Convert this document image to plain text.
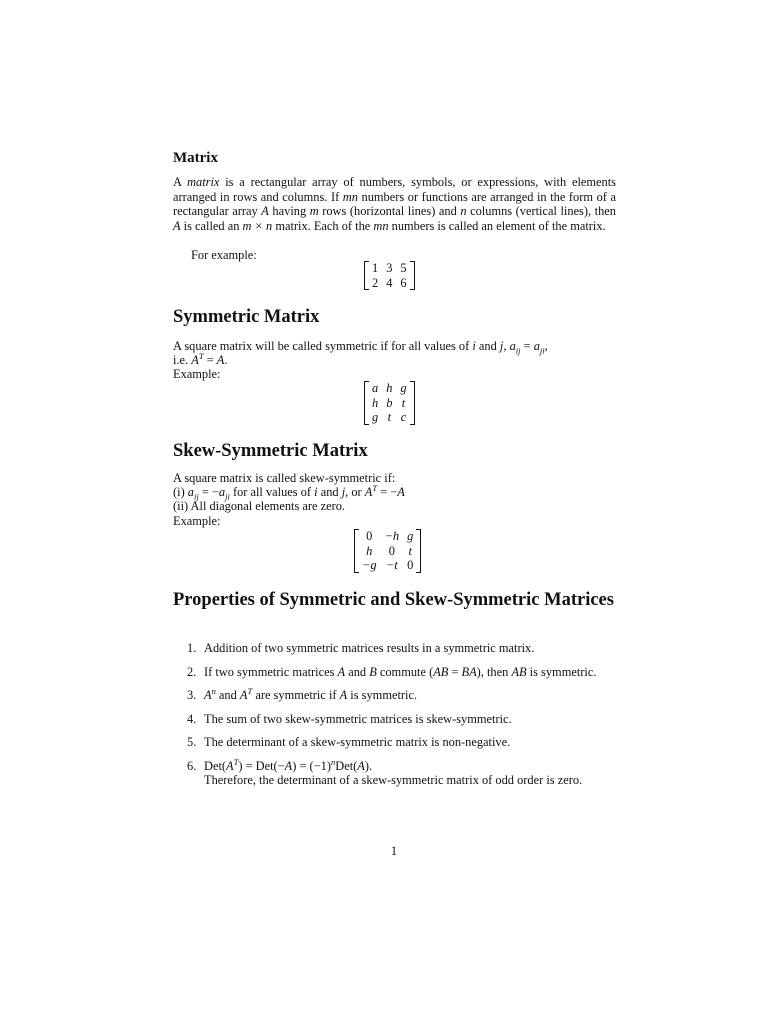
Matrix
A matrix is a rectangular array of numbers, symbols, or expressions, with elements arranged in rows and columns. If mn numbers or functions are arranged in the form of a rectangular array A having m rows (horizontal lines) and n columns (vertical lines), then A is called an m × n matrix. Each of the mn numbers is called an element of the matrix.
For example:
1	3	5
2	4	6
Symmetric Matrix
A square matrix will be called symmetric if for all values of i and j, $a_{ij} = a_{ji}$,
i.e. $A^T = A$.
Example:
a	h	g
h	b	t
g	t	c
Skew-Symmetric Matrix
A square matrix is called skew-symmetric if:
(i) $a_{ij} = -a_{ji}$ for all values of i and j, or $A^T = -A$
(ii) All diagonal elements are zero.
Example:
0	−h	g
h	0	t
−g	−t	0
Properties of Symmetric and Skew-Symmetric Matrices
1. Addition of two symmetric matrices results in a symmetric matrix.
2. If two symmetric matrices A and B commute (AB = BA), then AB is symmetric.
3. $A^n$ and $A^T$ are symmetric if A is symmetric.
4. The sum of two skew-symmetric matrices is skew-symmetric.
5. The determinant of a skew-symmetric matrix is non-negative.
6. $Det(A^T) = Det(-A) = (-1)^nDet(A)$.
Therefore, the determinant of a skew-symmetric matrix of odd order is zero.
1
